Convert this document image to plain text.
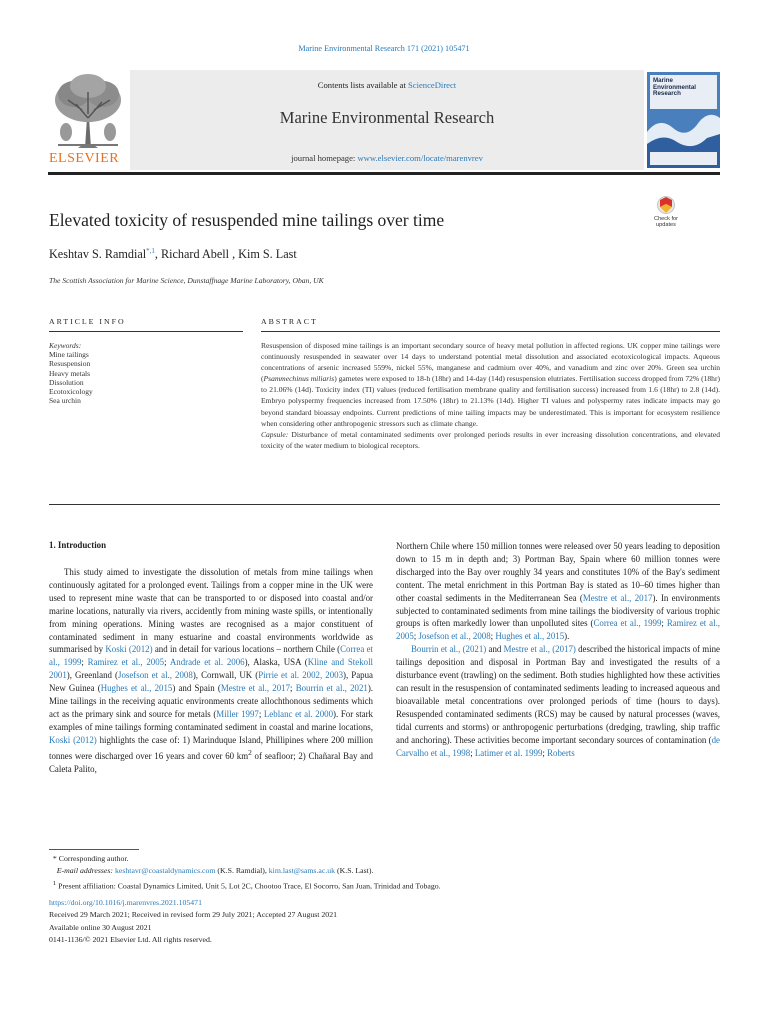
Marine Environmental Research 171 (2021) 105471
ELSEVIER
Contents lists available at ScienceDirect
Marine Environmental Research
journal homepage: www.elsevier.com/locate/marenvrev
Marine Environmental Research
Elevated toxicity of resuspended mine tailings over time	Check for updates
Keshtav S. Ramdial$^{*,1}$, Richard Abell , Kim S. Last
The Scottish Association for Marine Science, Dunstaffnage Marine Laboratory, Oban, UK
ARTICLE INFO	ABSTRACT
Keywords:
Mine tailings
Resuspension
Heavy metals
Dissolution
Ecotoxicology
Sea urchin

Resuspension of disposed mine tailings is an important secondary source of heavy metal pollution in affected regions. UK copper mine tailings were continuously resuspended in seawater over 14 days to understand potential metal dissolution and associated ecotoxicological impacts. Aqueous concentrations of arsenic increased 559%, nickel 55%, manganese and cadmium over 40%, and vanadium and zinc over 20%. Green sea urchin (Psammechinus miliaris) gametes were exposed to 18-h (18hr) and 14-day (14d) resuspension elutriates. Fertilisation success dropped from 72% (18hr) to 21.06% (14d). Toxicity index (TI) values (reduced fertilisation membrane quality and fertilisation success) increased from 1.6 (18hr) to 2.8 (14d). Embryo polyspermy frequencies increased from 17.50% (18hr) to 21.13% (14d). Higher TI values and polyspermy rates indicate impacts may go beyond standard bioassay endpoints. Current predictions of mine tailing impacts may be underestimated. This is important for ecosystem resilience when considering other anthropogenic stressors such as climate change.

Capsule: Disturbance of metal contaminated sediments over prolonged periods results in ever increasing dissolution concentrations, and elevated toxicity of the water medium to biological receptors.

1. Introduction

This study aimed to investigate the dissolution of metals from mine tailings when continuously agitated for a prolonged event. Tailings from a copper mine in the UK were used to represent mine waste that can be transported to or disposed into coastal and/or marine locations, naturally via rivers, accidently from mining waste spills, or intentionally from mining operations. Mining wastes are recognised as a major constituent of contaminated sediment in many estuarine and coastal environments worldwide as summarised by Koski (2012) and in detail for various locations – northern Chile (Correa et al., 1999; Ramirez et al., 2005; Andrade et al. 2006), Alaska, USA (Kline and Stekoll 2001), Greenland (Josefson et al., 2008), Cornwall, UK (Pirrie et al. 2002, 2003), Papua New Guinea (Hughes et al., 2015) and Spain (Mestre et al., 2017; Bourrin et al., 2021). Mine tailings in the receiving aquatic environments create allochthonous sediments which act as the primary sink and source for metals (Miller 1997; Leblanc et al. 2000). For stark examples of mine tailings forming contaminated sediment in coastal and marine locations, Koski (2012) highlights the case of: 1) Marinduque Island, Phillipines where 200 million tonnes were discharged over 16 years and cover 60 $km^2$ of seafloor; 2) Chañaral Bay and Caleta Palito,

Northern Chile where 150 million tonnes were released over 50 years leading to deposition down to 15 m in depth and; 3) Portman Bay, Spain where 60 million tonnes were discharged into the Bay over roughly 34 years and constitutes 10% of the Bay's sediment content. The metal enrichment in this Portman Bay is stated as 10–60 times higher than other coastal sediments in the Mediterranean Sea (Mestre et al., 2017). In environments subjected to contaminated sediments from mine tailings the biodiversity of various trophic groups is often markedly lower than unpolluted sites (Correa et al., 1999; Ramirez et al., 2005; Josefson et al., 2008; Hughes et al., 2015).

Bourrin et al., (2021) and Mestre et al., (2017) described the historical impacts of mine tailings deposition and disposal in Portman Bay and investigated the results of a disturbance event (trawling) on the sediment. Both studies highlighted how these activities can result in the resuspension of contaminated sediments leading to increased aqueous and bioavailable metal concentrations over prolonged periods of time (hours to days). Resuspended contaminated sediments (RCS) may be caused by natural processes (waves, tidal currents and storms) or anthropogenic perturbations (dredging, trawling, ship traffic and anchoring). These activities become important secondary sources of contamination (de Carvalho et al., 1998; Latimer et al. 1999; Roberts

* Corresponding author.
E-mail addresses: keshtavr@coastaldynamics.com (K.S. Ramdial), kim.last@sams.ac.uk (K.S. Last).
$^1$ Present affiliation: Coastal Dynamics Limited, Unit 5, Lot 2C, Chootoo Trace, El Socorro, San Juan, Trinidad and Tobago.
https://doi.org/10.1016/j.marenvres.2021.105471
Received 29 March 2021; Received in revised form 29 July 2021; Accepted 27 August 2021
Available online 30 August 2021
0141-1136/© 2021 Elsevier Ltd. All rights reserved.
